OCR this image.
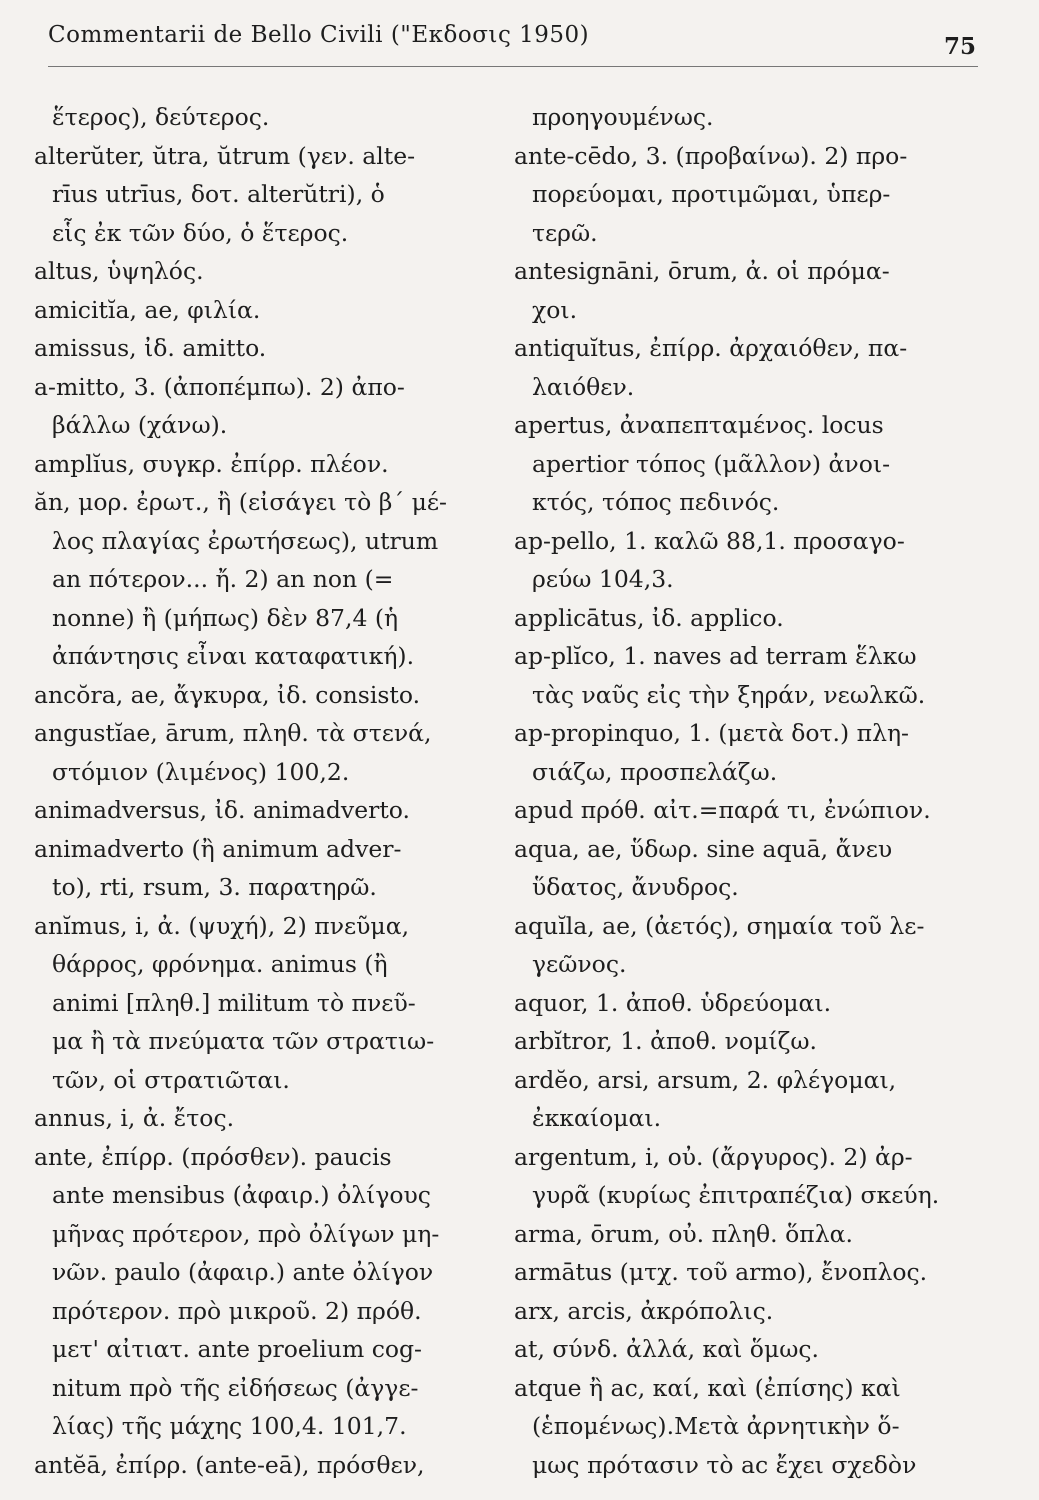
Commentarii de Bello Civili ("Εκδοσις 1950)	75
ἕτερος), δεύτερος.
alterŭter, ŭtra, ŭtrum (γεν. alte-
rīus utrīus, δοτ. alterŭtri), ὁ
εἷς ἐκ τῶν δύο, ὁ ἕτερος.
altus, ὑψηλός.
amicitĭa, ae, φιλία.
amissus, ἰδ. amitto.
a-mitto, 3. (ἀποπέμπω). 2) ἀπο-
βάλλω (χάνω).
amplĭus, συγκρ. ἐπίρρ. πλέον.
ăn, μορ. ἐρωτ., ἢ (εἰσάγει τὸ β΄ μέ-
λος πλαγίας ἐρωτήσεως), utrum
an πότερον... ἤ. 2) an non (=
nonne) ἢ (μήπως) δὲν 87,4 (ἡ
ἀπάντησις εἶναι καταφατική).
ancŏra, ae, ἄγκυρα, ἰδ. consisto.
angustĭae, ārum, πληθ. τὰ στενά,
στόμιον (λιμένος) 100,2.
animadversus, ἰδ. animadverto.
animadverto (ἢ animum adver-
to), rti, rsum, 3. παρατηρῶ.
anĭmus, i, ἀ. (ψυχή), 2) πνεῦμα,
θάρρος, φρόνημα. animus (ἢ
animi [πληθ.] militum τὸ πνεῦ-
μα ἢ τὰ πνεύματα τῶν στρατιω-
τῶν, οἱ στρατιῶται.
annus, i, ἀ. ἔτος.
ante, ἐπίρρ. (πρόσθεν). paucis
ante mensibus (ἀφαιρ.) ὀλίγους
μῆνας πρότερον, πρὸ ὀλίγων μη-
νῶν. paulo (ἀφαιρ.) ante ὀλίγον
πρότερον. πρὸ μικροῦ. 2) πρόθ.
μετ' αἰτιατ. ante proelium cog-
nitum πρὸ τῆς εἰδήσεως (ἀγγε-
λίας) τῆς μάχης 100,4. 101,7.
antĕā, ἐπίρρ. (ante-eā), πρόσθεν,
προηγουμένως.
ante-cēdo, 3. (προβαίνω). 2) προ-
πορεύομαι, προτιμῶμαι, ὑπερ-
τερῶ.
antesignāni, ōrum, ἀ. οἱ πρόμα-
χοι.
antiquĭtus, ἐπίρρ. ἀρχαιόθεν, πα-
λαιόθεν.
apertus, ἀναπεπταμένος. locus
apertior τόπος (μᾶλλον) ἀνοι-
κτός, τόπος πεδινός.
ap-pello, 1. καλῶ 88,1. προσαγο-
ρεύω 104,3.
applicātus, ἰδ. applico.
ap-plĭco, 1. naves ad terram ἕλκω
τὰς ναῦς εἰς τὴν ξηράν, νεωλκῶ.
ap-propinquo, 1. (μετὰ δοτ.) πλη-
σιάζω, προσπελάζω.
apud πρόθ. αἰτ.=παρά τι, ἐνώπιον.
aqua, ae, ὕδωρ. sine aquā, ἄνευ
ὕδατος, ἄνυδρος.
aquĭla, ae, (ἀετός), σημαία τοῦ λε-
γεῶνος.
aquor, 1. ἀποθ. ὑδρεύομαι.
arbĭtror, 1. ἀποθ. νομίζω.
ardĕo, arsi, arsum, 2. φλέγομαι,
ἐκκαίομαι.
argentum, i, οὐ. (ἄργυρος). 2) ἀρ-
γυρᾶ (κυρίως ἐπιτραπέζια) σκεύη.
arma, ōrum, οὐ. πληθ. ὅπλα.
armātus (μτχ. τοῦ armo), ἔνοπλος.
arx, arcis, ἀκρόπολις.
at, σύνδ. ἀλλά, καὶ ὅμως.
atque ἢ ac, καί, καὶ (ἐπίσης) καὶ
(ἑπομένως).Μετὰ ἀρνητικὴν ὅ-
μως πρότασιν τὸ ac ἔχει σχεδὸν
